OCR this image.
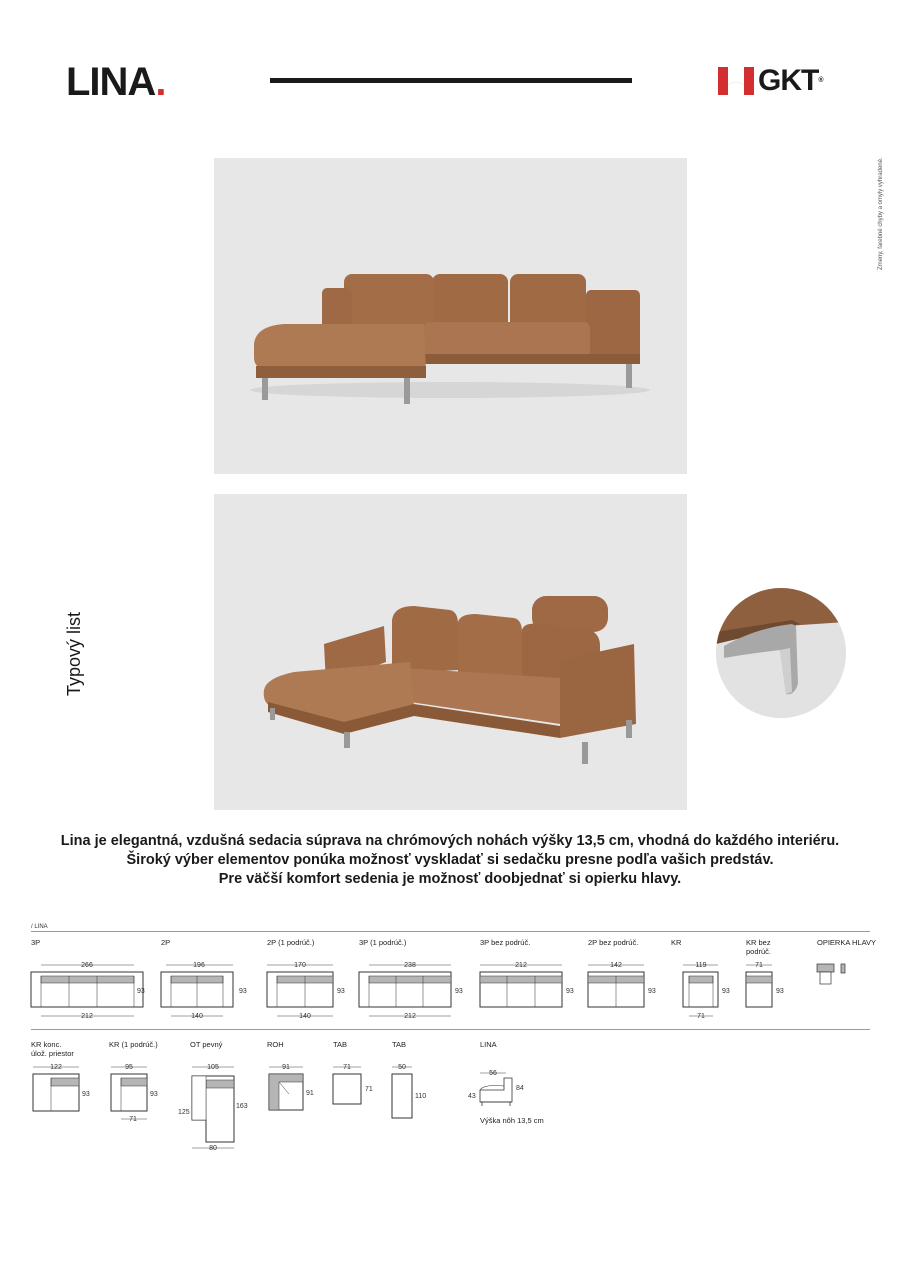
LINA.	GKT®
Zmeny, farebné chyby a omyly vyhradené.
Typový list
Lina je elegantná, vzdušná sedacia súprava na chrómových nohách výšky 13,5 cm, vhodná do každého interiéru.
Široký výber elementov ponúka možnosť vyskladať si sedačku presne podľa vašich predstáv.
Pre väčší komfort sedenia je možnosť doobjednať si opierku hlavy.
/ LINA
3P
266
93
212
2P
196
93
140
2P (1 podrúč.)
170
93
140
3P (1 podrúč.)
238
93
212
3P bez podrúč.
212
93
2P bez podrúč.
142
93
KR
119
93
71
KR bez
podrúč.
71
93
OPIERKA HLAVY
KR konc.
úlož. priestor
122
93
KR (1 podrúč.)
95
93
71
OT pevný
105
125
163
80
ROH
91
91
TAB
71
71
TAB
50
110
LINA
56
43
84
Výška nôh 13,5 cm
